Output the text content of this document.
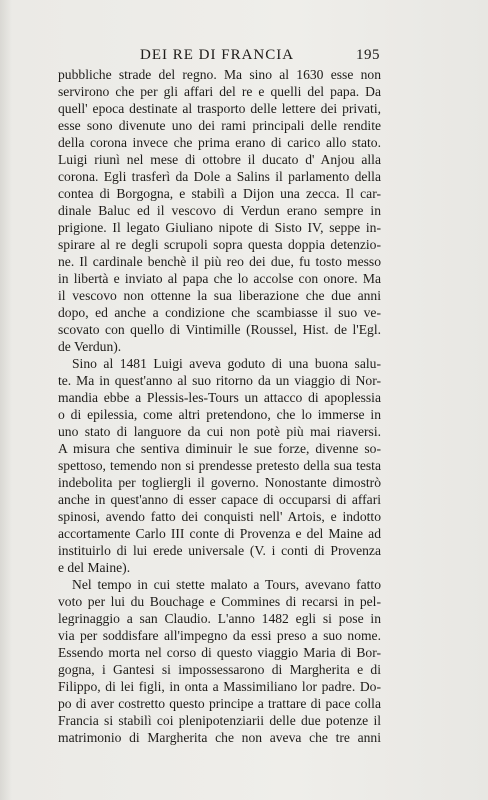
DEI RE DI FRANCIA	195
pubbliche strade del regno. Ma sino al 1630 esse non
servirono che per gli affari del re e quelli del papa. Da
quell' epoca destinate al trasporto delle lettere dei privati,
esse sono divenute uno dei rami principali delle rendite
della corona invece che prima erano di carico allo stato.
Luigi riunì nel mese di ottobre il ducato d' Anjou alla
corona. Egli trasferì da Dole a Salins il parlamento della
contea di Borgogna, e stabilì a Dijon una zecca. Il car-
dinale Baluc ed il vescovo di Verdun erano sempre in
prigione. Il legato Giuliano nipote di Sisto IV, seppe in-
spirare al re degli scrupoli sopra questa doppia detenzio-
ne. Il cardinale benchè il più reo dei due, fu tosto messo
in libertà e inviato al papa che lo accolse con onore. Ma
il vescovo non ottenne la sua liberazione che due anni
dopo, ed anche a condizione che scambiasse il suo ve-
scovato con quello di Vintimille (Roussel, Hist. de l'Egl.
de Verdun).
Sino al 1481 Luigi aveva goduto di una buona salu-
te. Ma in quest'anno al suo ritorno da un viaggio di Nor-
mandia ebbe a Plessis-les-Tours un attacco di apoplessia
o di epilessia, come altri pretendono, che lo immerse in
uno stato di languore da cui non potè più mai riaversi.
A misura che sentiva diminuir le sue forze, divenne so-
spettoso, temendo non si prendesse pretesto della sua testa
indebolita per togliergli il governo. Nonostante dimostrò
anche in quest'anno di esser capace di occuparsi di affari
spinosi, avendo fatto dei conquisti nell' Artois, e indotto
accortamente Carlo III conte di Provenza e del Maine ad
instituirlo di lui erede universale (V. i conti di Provenza
e del Maine).
Nel tempo in cui stette malato a Tours, avevano fatto
voto per lui du Bouchage e Commines di recarsi in pel-
legrinaggio a san Claudio. L'anno 1482 egli si pose in
via per soddisfare all'impegno da essi preso a suo nome.
Essendo morta nel corso di questo viaggio Maria di Bor-
gogna, i Gantesi si impossessarono di Margherita e di
Filippo, di lei figli, in onta a Massimiliano lor padre. Do-
po di aver costretto questo principe a trattare di pace colla
Francia si stabilì coi plenipotenziarii delle due potenze il
matrimonio di Margherita che non aveva che tre anni
